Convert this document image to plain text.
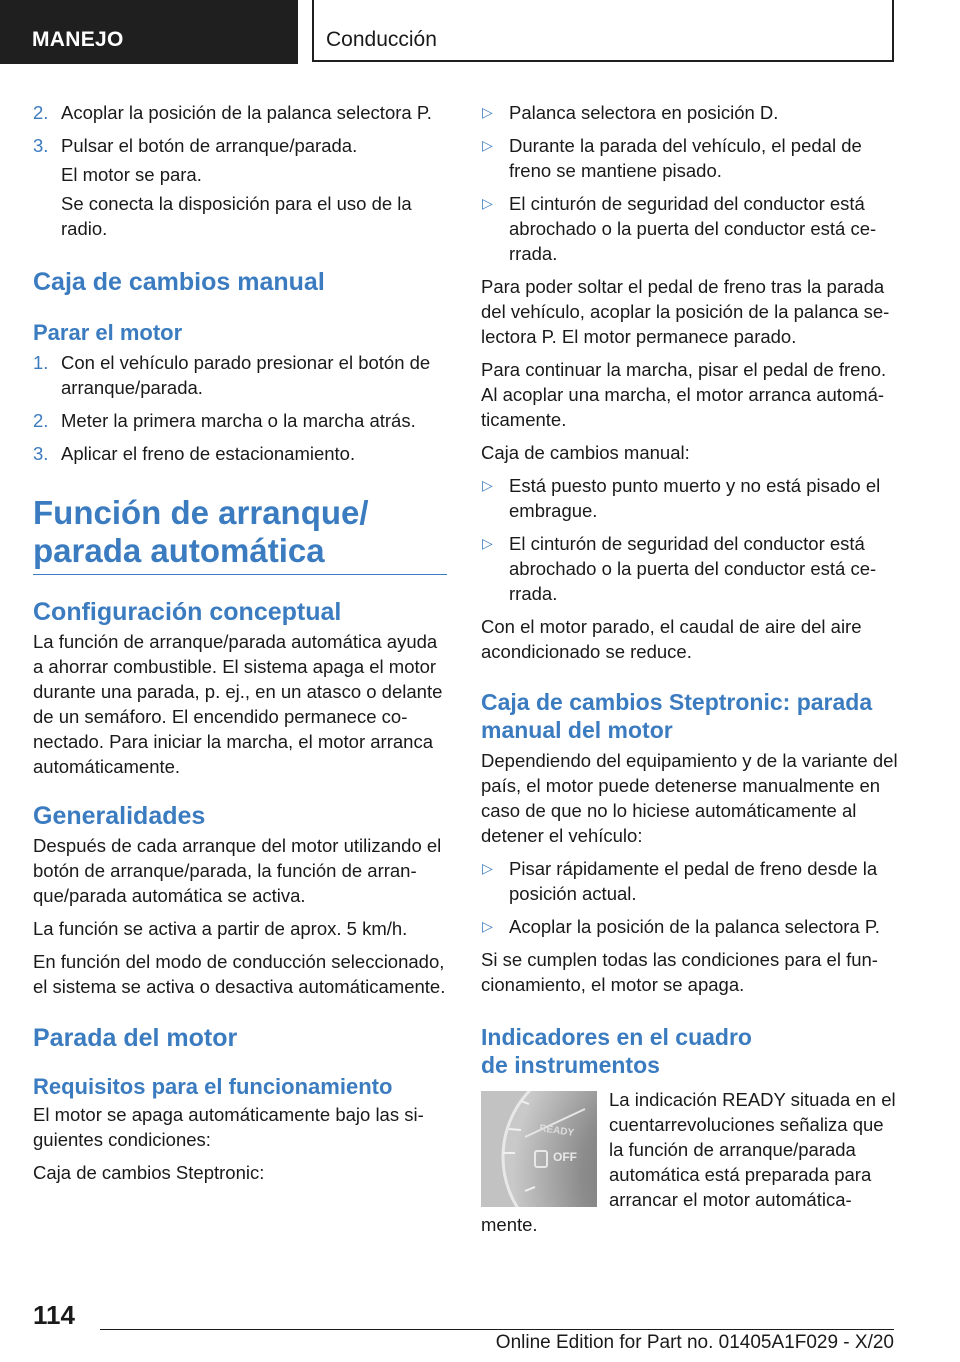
MANEJO	Conducción
2. Acoplar la posición de la palanca selectora P.
3. Pulsar el botón de arranque/parada.

El motor se para.

Se conecta la disposición para el uso de la radio.

Caja de cambios manual
Parar el motor
1. Con el vehículo parado presionar el botón de arranque/parada.
2. Meter la primera marcha o la marcha atrás.
3. Aplicar el freno de estacionamiento.
Función de arranque/ parada automática
Configuración conceptual

La función de arranque/parada automática ayuda a ahorrar combustible. El sistema apaga el motor durante una parada, p. ej., en un atasco o delante de un semáforo. El encendido permanece conectado. Para iniciar la marcha, el motor arranca automáticamente.

Generalidades

Después de cada arranque del motor utilizando el botón de arranque/parada, la función de arranque/parada automática se activa.

La función se activa a partir de aprox. 5 km/h.

En función del modo de conducción seleccionado, el sistema se activa o desactiva automáticamente.

Parada del motor
Requisitos para el funcionamiento

El motor se apaga automáticamente bajo las siguientes condiciones:

Caja de cambios Steptronic:

▷ Palanca selectora en posición D.
▷ Durante la parada del vehículo, el pedal de freno se mantiene pisado.
▷ El cinturón de seguridad del conductor está abrochado o la puerta del conductor está cerrada.

Para poder soltar el pedal de freno tras la parada del vehículo, acoplar la posición de la palanca selectora P. El motor permanece parado.

Para continuar la marcha, pisar el pedal de freno. Al acoplar una marcha, el motor arranca automáticamente.

Caja de cambios manual:

▷ Está puesto punto muerto y no está pisado el embrague.
▷ El cinturón de seguridad del conductor está abrochado o la puerta del conductor está cerrada.

Con el motor parado, el caudal de aire del aire acondicionado se reduce.

Caja de cambios Steptronic: parada manual del motor

Dependiendo del equipamiento y de la variante del país, el motor puede detenerse manualmente en caso de que no lo hiciese automáticamente al detener el vehículo:

▷ Pisar rápidamente el pedal de freno desde la posición actual.
▷ Acoplar la posición de la palanca selectora P.

Si se cumplen todas las condiciones para el funcionamiento, el motor se apaga.

Indicadores en el cuadro
de instrumentos
READY
OFF
La indicación READY situada en el cuentarrevoluciones señaliza que la función de arranque/parada automática está preparada para arrancar el motor automáticamente.
114
Online Edition for Part no. 01405A1F029 - X/20
